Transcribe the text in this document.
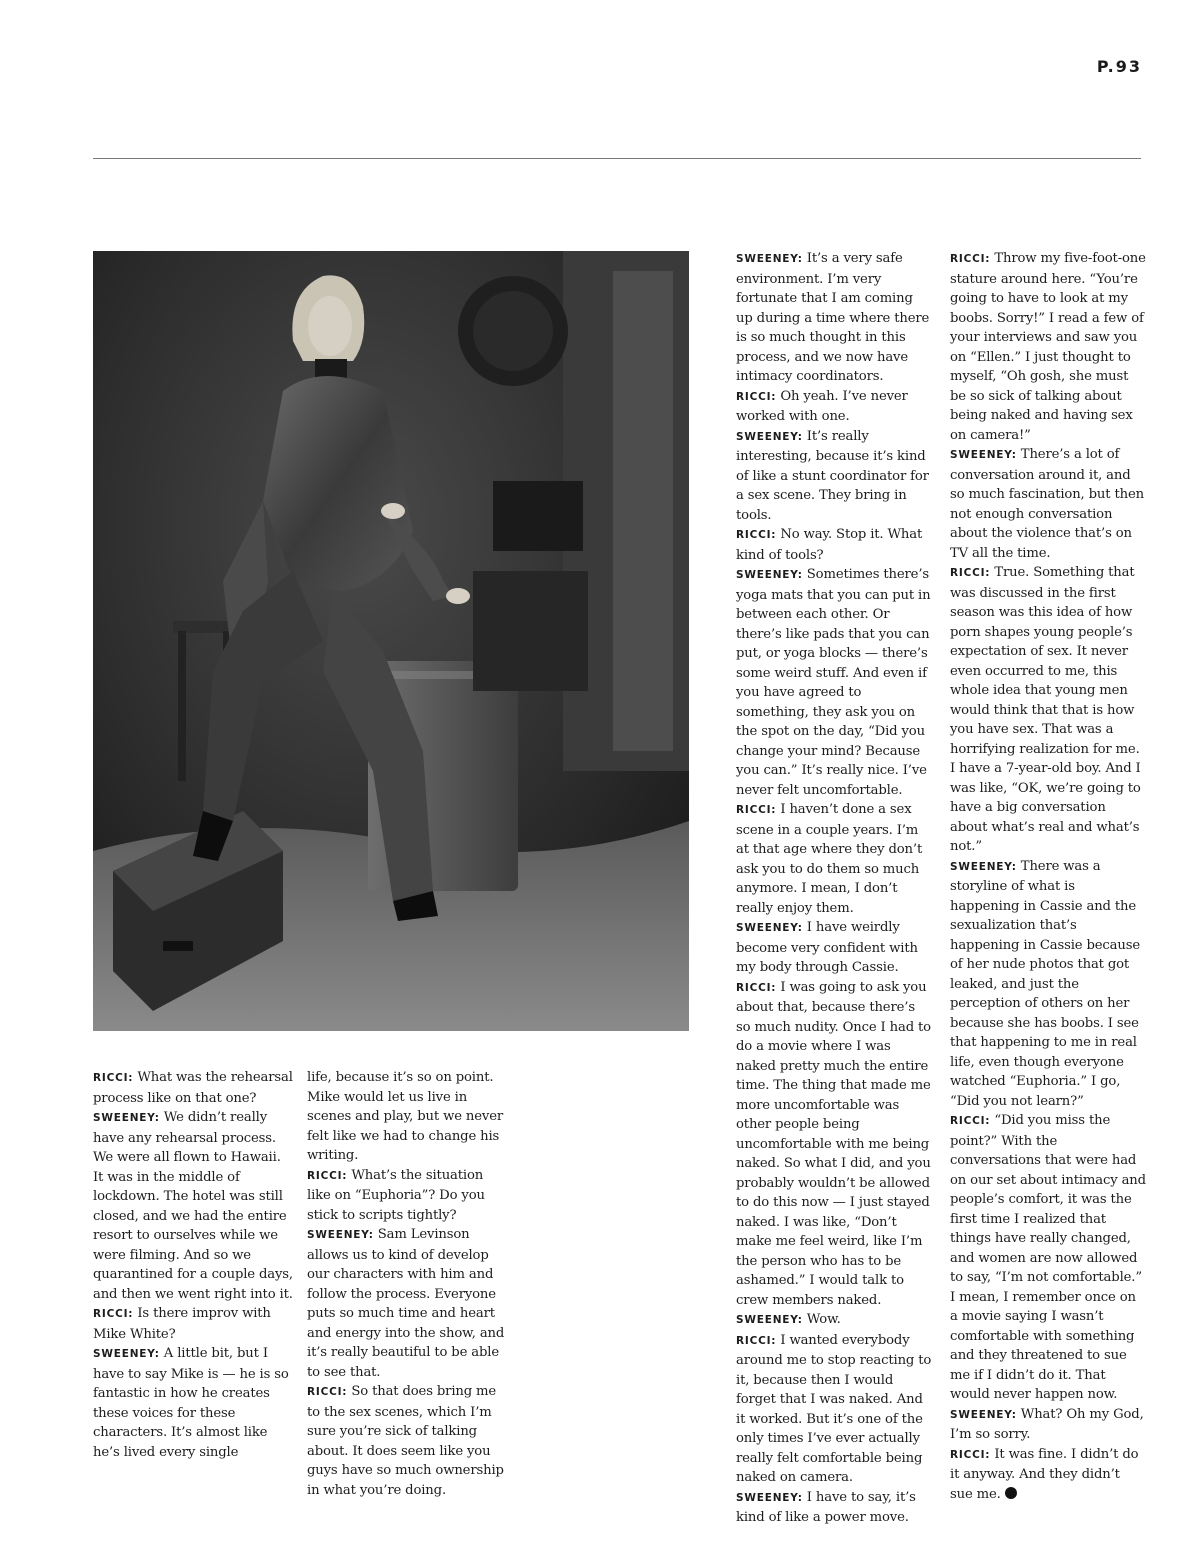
P.93

RICCI: What was the rehearsal process like on that one?

SWEENEY: We didn’t really have any rehearsal process. We were all flown to Hawaii. It was in the middle of lockdown. The hotel was still closed, and we had the entire resort to ourselves while we were filming. And so we quarantined for a couple days, and then we went right into it.

RICCI: Is there improv with Mike White?

SWEENEY: A little bit, but I have to say Mike is — he is so fantastic in how he creates these voices for these characters. It’s almost like he’s lived every single

life, because it’s so on point. Mike would let us live in scenes and play, but we never felt like we had to change his writing.

RICCI: What’s the situation like on “Euphoria”? Do you stick to scripts tightly?

SWEENEY: Sam Levinson allows us to kind of develop our characters with him and follow the process. Everyone puts so much time and heart and energy into the show, and it’s really beautiful to be able to see that.

RICCI: So that does bring me to the sex scenes, which I’m sure you’re sick of talking about. It does seem like you guys have so much ownership in what you’re doing.

SWEENEY: It’s a very safe environment. I’m very fortunate that I am coming up during a time where there is so much thought in this process, and we now have intimacy coordinators.

RICCI: Oh yeah. I’ve never worked with one.

SWEENEY: It’s really interesting, because it’s kind of like a stunt coordinator for a sex scene. They bring in tools.

RICCI: No way. Stop it. What kind of tools?

SWEENEY: Sometimes there’s yoga mats that you can put in between each other. Or there’s like pads that you can put, or yoga blocks — there’s some weird stuff. And even if you have agreed to something, they ask you on the spot on the day, “Did you change your mind? Because you can.” It’s really nice. I’ve never felt uncomfortable.

RICCI: I haven’t done a sex scene in a couple years. I’m at that age where they don’t ask you to do them so much anymore. I mean, I don’t really enjoy them.

SWEENEY: I have weirdly become very confident with my body through Cassie.

RICCI: I was going to ask you about that, because there’s so much nudity. Once I had to do a movie where I was naked pretty much the entire time. The thing that made me more uncomfortable was other people being uncomfortable with me being naked. So what I did, and you probably wouldn’t be allowed to do this now — I just stayed naked. I was like, “Don’t make me feel weird, like I’m the person who has to be ashamed.” I would talk to crew members naked.

SWEENEY: Wow.

RICCI: I wanted everybody around me to stop reacting to it, because then I would forget that I was naked. And it worked. But it’s one of the only times I’ve ever actually really felt comfortable being naked on camera.

SWEENEY: I have to say, it’s kind of like a power move.

RICCI: Throw my five-foot-one stature around here. “You’re going to have to look at my boobs. Sorry!” I read a few of your interviews and saw you on “Ellen.” I just thought to myself, “Oh gosh, she must be so sick of talking about being naked and having sex on camera!”

SWEENEY: There’s a lot of conversation around it, and so much fascination, but then not enough conversation about the violence that’s on TV all the time.

RICCI: True. Something that was discussed in the first season was this idea of how porn shapes young people’s expectation of sex. It never even occurred to me, this whole idea that young men would think that that is how you have sex. That was a horrifying realization for me. I have a 7-year-old boy. And I was like, “OK, we’re going to have a big conversation about what’s real and what’s not.”

SWEENEY: There was a storyline of what is happening in Cassie and the sexualization that’s happening in Cassie because of her nude photos that got leaked, and just the perception of others on her because she has boobs. I see that happening to me in real life, even though everyone watched “Euphoria.” I go, “Did you not learn?”

RICCI: “Did you miss the point?” With the conversations that were had on our set about intimacy and people’s comfort, it was the first time I realized that things have really changed, and women are now allowed to say, “I’m not comfortable.” I mean, I remember once on a movie saying I wasn’t comfortable with something and they threatened to sue me if I didn’t do it. That would never happen now.

SWEENEY: What? Oh my God, I’m so sorry.

RICCI: It was fine. I didn’t do it anyway. And they didn’t sue me.
